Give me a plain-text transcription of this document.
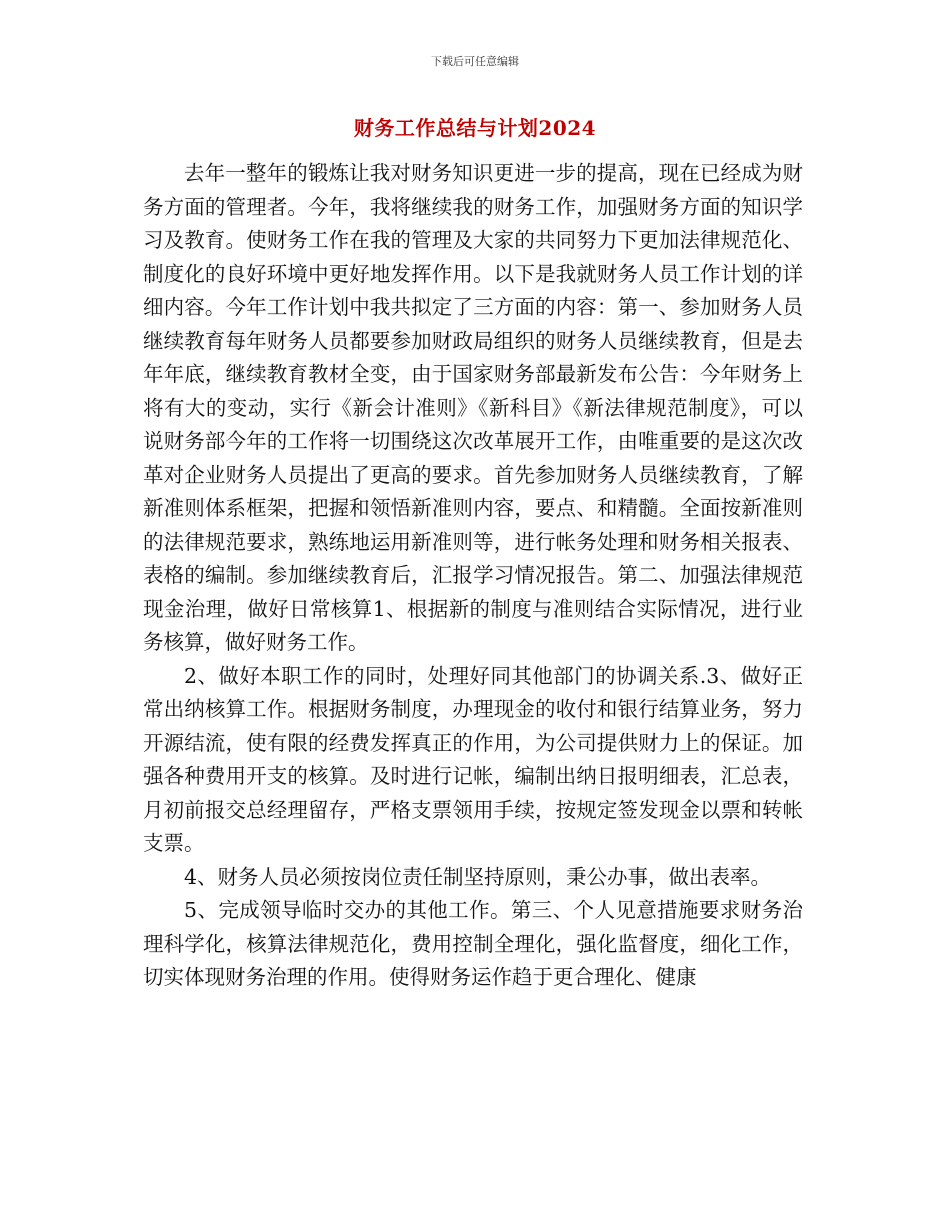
下载后可任意编辑
财务工作总结与计划2024

去年一整年的锻炼让我对财务知识更进一步的提高，现在已经成为财务方面的管理者。今年，我将继续我的财务工作，加强财务方面的知识学习及教育。使财务工作在我的管理及大家的共同努力下更加法律规范化、制度化的良好环境中更好地发挥作用。以下是我就财务人员工作计划的详细内容。今年工作计划中我共拟定了三方面的内容：第一、参加财务人员继续教育每年财务人员都要参加财政局组织的财务人员继续教育，但是去年年底，继续教育教材全变，由于国家财务部最新发布公告：今年财务上将有大的变动，实行《新会计准则》《新科目》《新法律规范制度》，可以说财务部今年的工作将一切围绕这次改革展开工作，由唯重要的是这次改革对企业财务人员提出了更高的要求。首先参加财务人员继续教育，了解新准则体系框架，把握和领悟新准则内容，要点、和精髓。全面按新准则的法律规范要求，熟练地运用新准则等，进行帐务处理和财务相关报表、表格的编制。参加继续教育后，汇报学习情况报告。第二、加强法律规范现金治理，做好日常核算1、根据新的制度与准则结合实际情况，进行业务核算，做好财务工作。

2、做好本职工作的同时，处理好同其他部门的协调关系.3、做好正常出纳核算工作。根据财务制度，办理现金的收付和银行结算业务，努力开源结流，使有限的经费发挥真正的作用，为公司提供财力上的保证。加强各种费用开支的核算。及时进行记帐，编制出纳日报明细表，汇总表，月初前报交总经理留存，严格支票领用手续，按规定签发现金以票和转帐支票。

4、财务人员必须按岗位责任制坚持原则，秉公办事，做出表率。

5、完成领导临时交办的其他工作。第三、个人见意措施要求财务治理科学化，核算法律规范化，费用控制全理化，强化监督度，细化工作，切实体现财务治理的作用。使得财务运作趋于更合理化、健康
